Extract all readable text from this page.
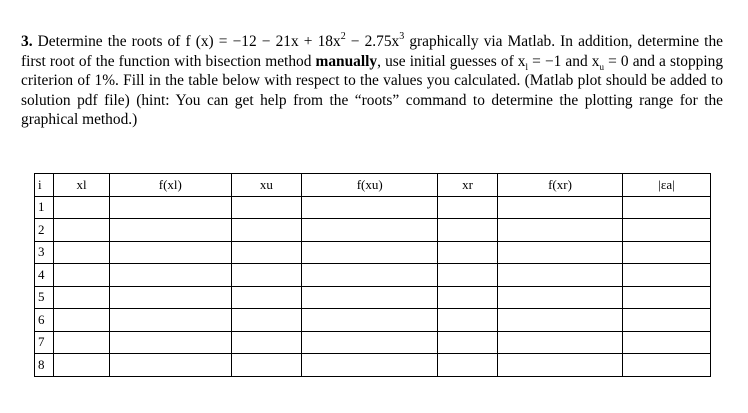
3. Determine the roots of f $(x) = -12 - 21x + 18x^2 - 2.75x^3$ graphically via Matlab. In addition, determine the first root of the function with bisection method manually, use initial guesses of $x_l = -1$ and $x_u = 0$ and a stopping criterion of 1%. Fill in the table below with respect to the values you calculated. (Matlab plot should be added to solution pdf file) (hint: You can get help from the “roots” command to determine the plotting range for the graphical method.)

i	xl	f(xl)	xu	f(xu)	xr	f(xr)	|εa|
1							
2							
3							
4							
5							
6							
7							
8							
